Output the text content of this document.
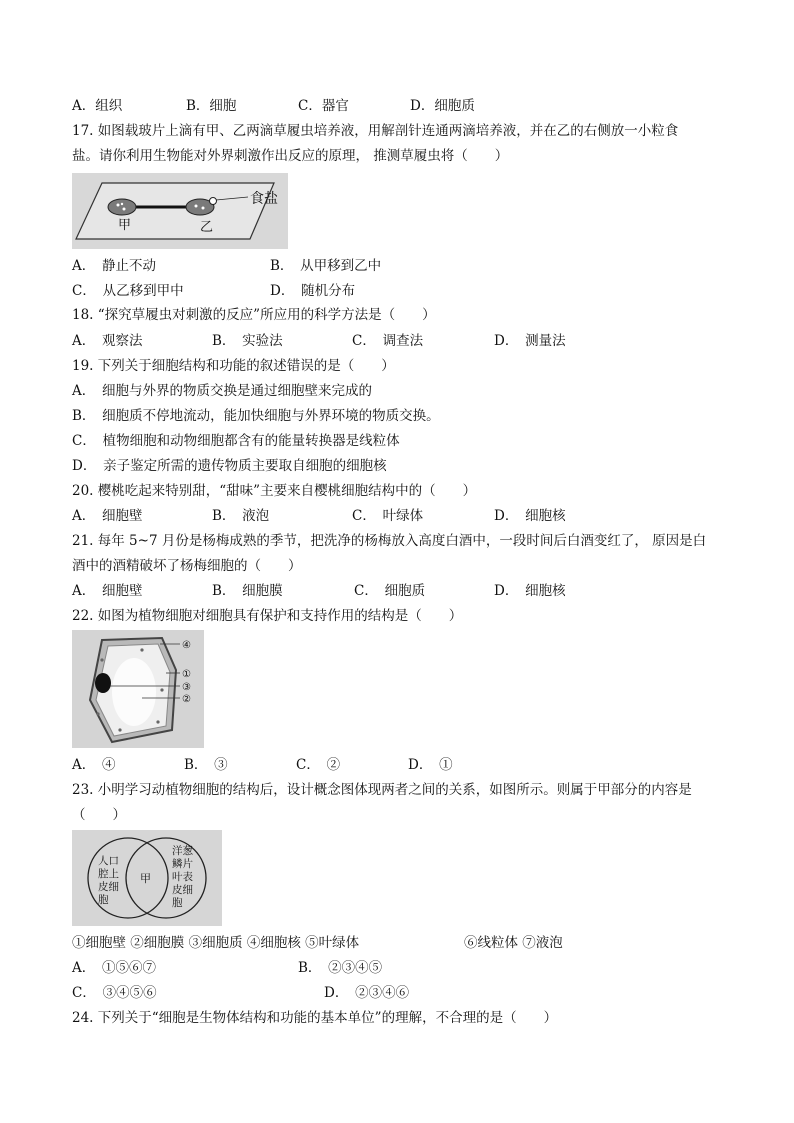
A．组织	B．细胞	C．器官	D．细胞质
17. 如图载玻片上滴有甲、乙两滴草履虫培养液，用解剖针连通两滴培养液，并在乙的右侧放一小粒食
盐。请你利用生物能对外界刺激作出反应的原理， 推测草履虫将（　　）
食盐
甲	乙
A．　静止不动	B．　从甲移到乙中
C．　从乙移到甲中	D．　随机分布
18. “探究草履虫对刺激的反应”所应用的科学方法是（　　）
A．　观察法	B．　实验法	C．　调查法	D．　测量法
19. 下列关于细胞结构和功能的叙述错误的是（　　）
A．　细胞与外界的物质交换是通过细胞壁来完成的
B．　细胞质不停地流动，能加快细胞与外界环境的物质交换。
C．　植物细胞和动物细胞都含有的能量转换器是线粒体
D．　亲子鉴定所需的遗传物质主要取自细胞的细胞核
20. 樱桃吃起来特别甜，“甜味”主要来自樱桃细胞结构中的（　　）
A．　细胞壁	B．　液泡	C．　叶绿体	D．　细胞核
21. 每年 5~7 月份是杨梅成熟的季节，把洗净的杨梅放入高度白酒中，一段时间后白酒变红了， 原因是白
酒中的酒精破坏了杨梅细胞的（　　）
A．　细胞壁	B．　细胞膜	C．　细胞质	D．　细胞核
22. 如图为植物细胞对细胞具有保护和支持作用的结构是（　　）
④
①
③
②
A．　④	B．　③	C．　②	D．　①
23. 小明学习动植物细胞的结构后，设计概念图体现两者之间的关系，如图所示。则属于甲部分的内容是
（　　）
人口
腔上
皮细
胞
甲
洋葱
鳞片
叶表
皮细
胞
①细胞壁 ②细胞膜 ③细胞质 ④细胞核 ⑤叶绿体	⑥线粒体 ⑦液泡
A．　①⑤⑥⑦	B．　②③④⑤
C．　③④⑤⑥	D．　②③④⑥
24. 下列关于“细胞是生物体结构和功能的基本单位”的理解，不合理的是（　　）
